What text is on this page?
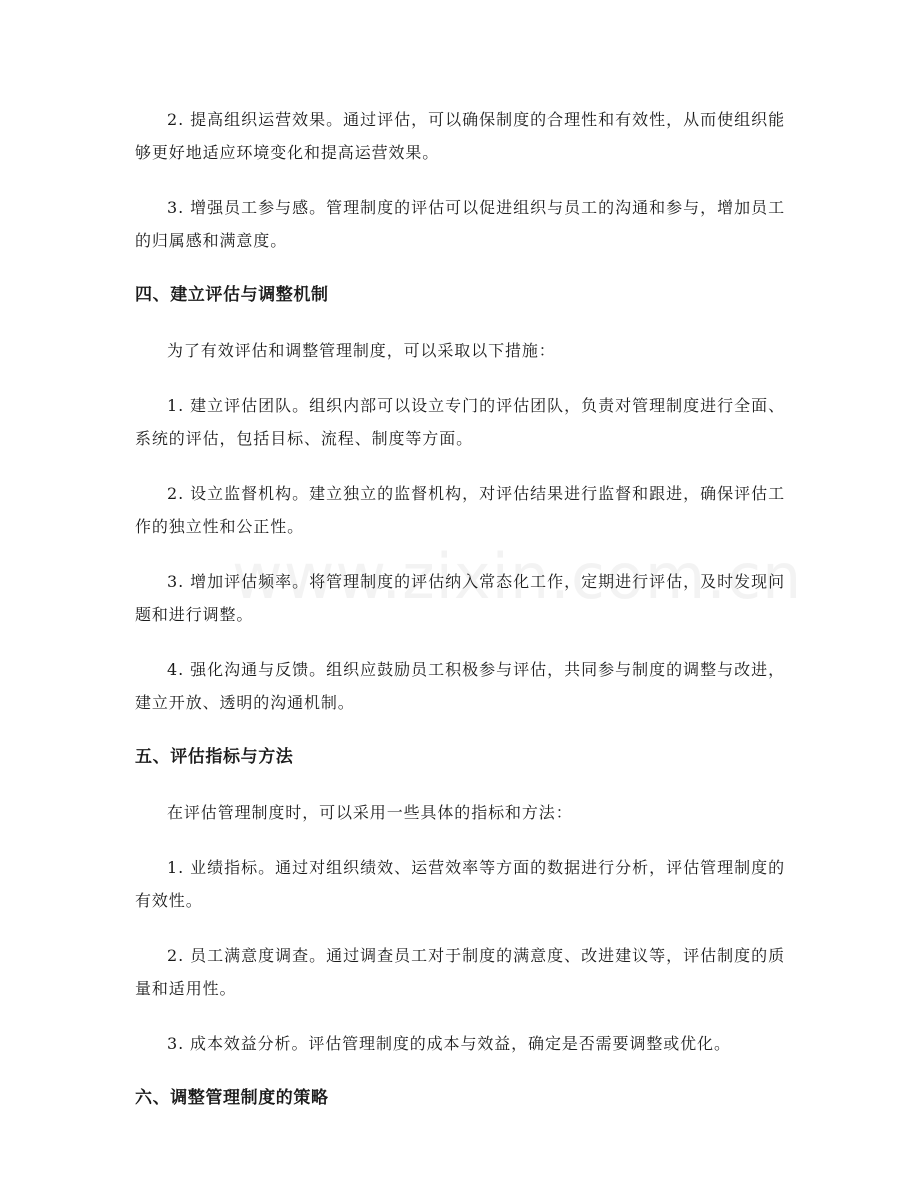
2. 提高组织运营效果。通过评估，可以确保制度的合理性和有效性，从而使组织能够更好地适应环境变化和提高运营效果。

3. 增强员工参与感。管理制度的评估可以促进组织与员工的沟通和参与，增加员工的归属感和满意度。

四、建立评估与调整机制

为了有效评估和调整管理制度，可以采取以下措施：

1. 建立评估团队。组织内部可以设立专门的评估团队，负责对管理制度进行全面、系统的评估，包括目标、流程、制度等方面。

2. 设立监督机构。建立独立的监督机构，对评估结果进行监督和跟进，确保评估工作的独立性和公正性。

3. 增加评估频率。将管理制度的评估纳入常态化工作，定期进行评估，及时发现问题和进行调整。

4. 强化沟通与反馈。组织应鼓励员工积极参与评估，共同参与制度的调整与改进，建立开放、透明的沟通机制。

五、评估指标与方法

在评估管理制度时，可以采用一些具体的指标和方法：

1. 业绩指标。通过对组织绩效、运营效率等方面的数据进行分析，评估管理制度的有效性。

2. 员工满意度调查。通过调查员工对于制度的满意度、改进建议等，评估制度的质量和适用性。

3. 成本效益分析。评估管理制度的成本与效益，确定是否需要调整或优化。

六、调整管理制度的策略
